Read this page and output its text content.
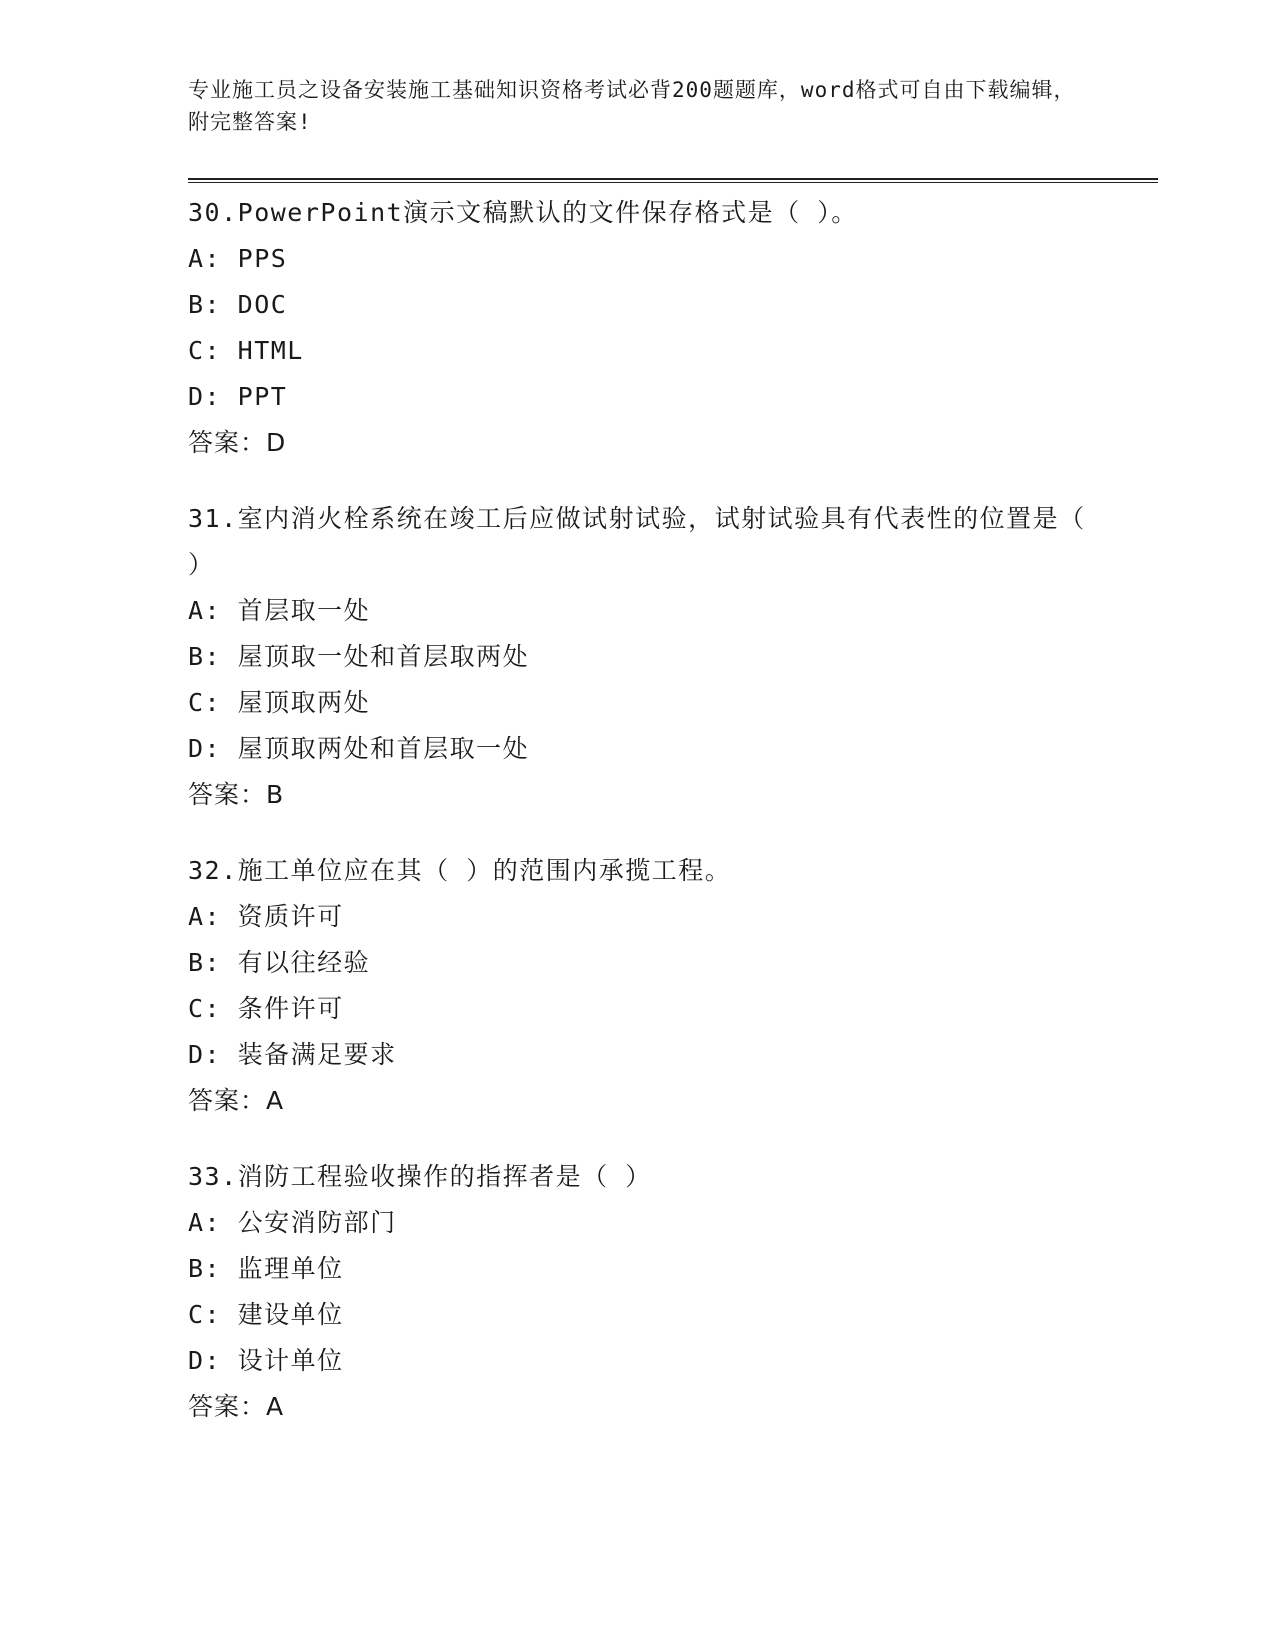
专业施工员之设备安装施工基础知识资格考试必背200题题库，word格式可自由下载编辑，附完整答案!

30.PowerPoint演示文稿默认的文件保存格式是（ ）。

A: PPS

B: DOC

C: HTML

D: PPT

答案：D

31.室内消火栓系统在竣工后应做试射试验，试射试验具有代表性的位置是（ ）

A: 首层取一处

B: 屋顶取一处和首层取两处

C: 屋顶取两处

D: 屋顶取两处和首层取一处

答案：B

32.施工单位应在其（ ）的范围内承揽工程。

A: 资质许可

B: 有以往经验

C: 条件许可

D: 装备满足要求

答案：A

33.消防工程验收操作的指挥者是（ ）

A: 公安消防部门

B: 监理单位

C: 建设单位

D: 设计单位

答案：A
